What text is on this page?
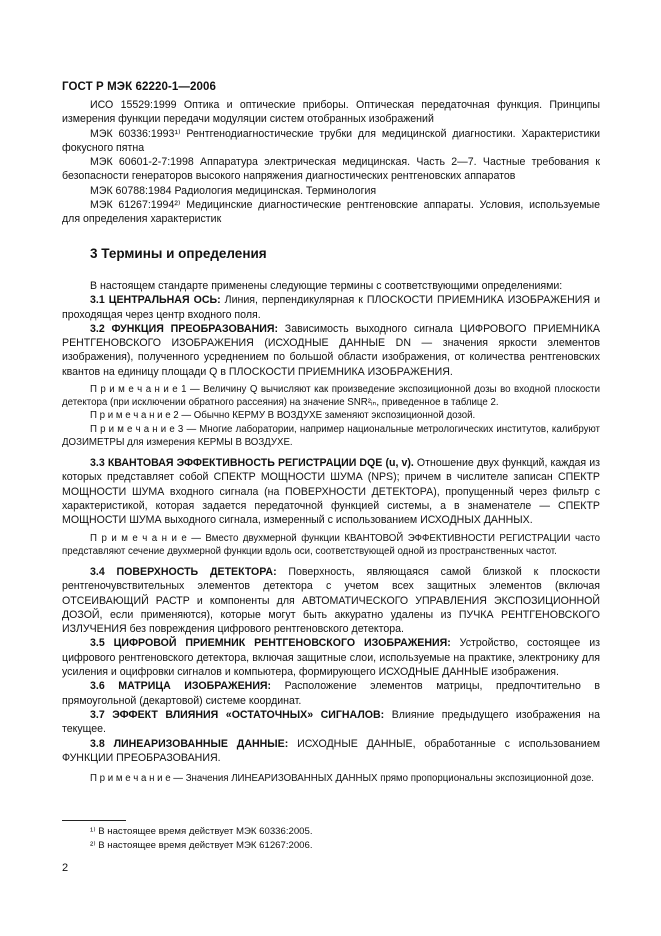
ГОСТ Р МЭК 62220-1—2006

ИСО 15529:1999 Оптика и оптические приборы. Оптическая передаточная функция. Принципы измерения функции передачи модуляции систем отобранных изображений

МЭК 60336:1993¹⁾ Рентгенодиагностические трубки для медицинской диагностики. Характеристики фокусного пятна

МЭК 60601-2-7:1998 Аппаратура электрическая медицинская. Часть 2—7. Частные требования к безопасности генераторов высокого напряжения диагностических рентгеновских аппаратов

МЭК 60788:1984 Радиология медицинская. Терминология

МЭК 61267:1994²⁾ Медицинские диагностические рентгеновские аппараты. Условия, используемые для определения характеристик

3 Термины и определения

В настоящем стандарте применены следующие термины с соответствующими определениями:

3.1 ЦЕНТРАЛЬНАЯ ОСЬ: Линия, перпендикулярная к ПЛОСКОСТИ ПРИЕМНИКА ИЗОБРАЖЕНИЯ и проходящая через центр входного поля.

3.2 ФУНКЦИЯ ПРЕОБРАЗОВАНИЯ: Зависимость выходного сигнала ЦИФРОВОГО ПРИЕМНИКА РЕНТГЕНОВСКОГО ИЗОБРАЖЕНИЯ (ИСХОДНЫЕ ДАННЫЕ DN — значения яркости элементов изображения), полученного усреднением по большой области изображения, от количества рентгеновских квантов на единицу площади Q в ПЛОСКОСТИ ПРИЕМНИКА ИЗОБРАЖЕНИЯ.

П р и м е ч а н и е 1 — Величину Q вычисляют как произведение экспозиционной дозы во входной плоскости детектора (при исключении обратного рассеяния) на значение SNR²ᵢₙ, приведенное в таблице 2.

П р и м е ч а н и е 2 — Обычно КЕРМУ В ВОЗДУХЕ заменяют экспозиционной дозой.

П р и м е ч а н и е 3 — Многие лаборатории, например национальные метрологических институтов, калибруют ДОЗИМЕТРЫ для измерения КЕРМЫ В ВОЗДУХЕ.

3.3 КВАНТОВАЯ ЭФФЕКТИВНОСТЬ РЕГИСТРАЦИИ DQE (u, v). Отношение двух функций, каждая из которых представляет собой СПЕКТР МОЩНОСТИ ШУМА (NPS); причем в числителе записан СПЕКТР МОЩНОСТИ ШУМА входного сигнала (на ПОВЕРХНОСТИ ДЕТЕКТОРА), пропущенный через фильтр с характеристикой, которая задается передаточной функцией системы, а в знаменателе — СПЕКТР МОЩНОСТИ ШУМА выходного сигнала, измеренный с использованием ИСХОДНЫХ ДАННЫХ.

П р и м е ч а н и е — Вместо двухмерной функции КВАНТОВОЙ ЭФФЕКТИВНОСТИ РЕГИСТРАЦИИ часто представляют сечение двухмерной функции вдоль оси, соответствующей одной из пространственных частот.

3.4 ПОВЕРХНОСТЬ ДЕТЕКТОРА: Поверхность, являющаяся самой близкой к плоскости рентгеночувствительных элементов детектора с учетом всех защитных элементов (включая ОТСЕИВАЮЩИЙ РАСТР и компоненты для АВТОМАТИЧЕСКОГО УПРАВЛЕНИЯ ЭКСПОЗИЦИОННОЙ ДОЗОЙ, если применяются), которые могут быть аккуратно удалены из ПУЧКА РЕНТГЕНОВСКОГО ИЗЛУЧЕНИЯ без повреждения цифрового рентгеновского детектора.

3.5 ЦИФРОВОЙ ПРИЕМНИК РЕНТГЕНОВСКОГО ИЗОБРАЖЕНИЯ: Устройство, состоящее из цифрового рентгеновского детектора, включая защитные слои, используемые на практике, электронику для усиления и оцифровки сигналов и компьютера, формирующего ИСХОДНЫЕ ДАННЫЕ изображения.

3.6 МАТРИЦА ИЗОБРАЖЕНИЯ: Расположение элементов матрицы, предпочтительно в прямоугольной (декартовой) системе координат.

3.7 ЭФФЕКТ ВЛИЯНИЯ «ОСТАТОЧНЫХ» СИГНАЛОВ: Влияние предыдущего изображения на текущее.

3.8 ЛИНЕАРИЗОВАННЫЕ ДАННЫЕ: ИСХОДНЫЕ ДАННЫЕ, обработанные с использованием ФУНКЦИИ ПРЕОБРАЗОВАНИЯ.

П р и м е ч а н и е — Значения ЛИНЕАРИЗОВАННЫХ ДАННЫХ прямо пропорциональны экспозиционной дозе.

¹⁾ В настоящее время действует МЭК 60336:2005.
²⁾ В настоящее время действует МЭК 61267:2006.
2
